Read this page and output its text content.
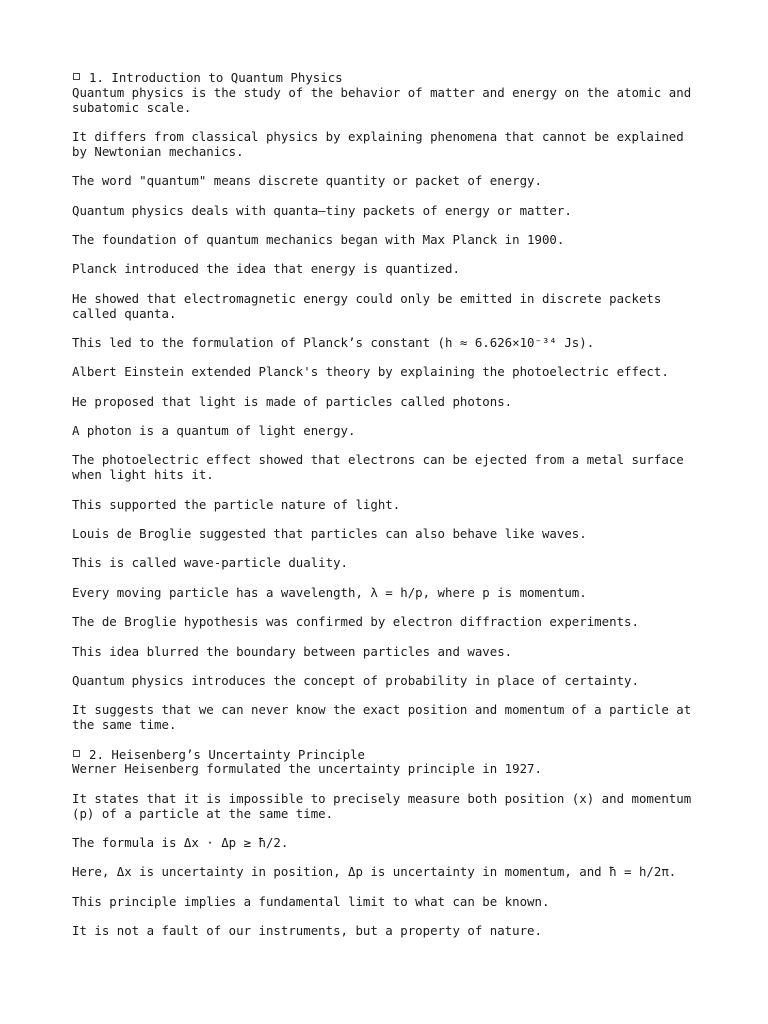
1. Introduction to Quantum Physics

Quantum physics is the study of the behavior of matter and energy on the atomic and subatomic scale.

It differs from classical physics by explaining phenomena that cannot be explained by Newtonian mechanics.

The word "quantum" means discrete quantity or packet of energy.

Quantum physics deals with quanta—tiny packets of energy or matter.

The foundation of quantum mechanics began with Max Planck in 1900.

Planck introduced the idea that energy is quantized.

He showed that electromagnetic energy could only be emitted in discrete packets called quanta.

This led to the formulation of Planck’s constant (h ≈ 6.626×10⁻³⁴ Js).

Albert Einstein extended Planck's theory by explaining the photoelectric effect.

He proposed that light is made of particles called photons.

A photon is a quantum of light energy.

The photoelectric effect showed that electrons can be ejected from a metal surface when light hits it.

This supported the particle nature of light.

Louis de Broglie suggested that particles can also behave like waves.

This is called wave-particle duality.

Every moving particle has a wavelength, λ = h/p, where p is momentum.

The de Broglie hypothesis was confirmed by electron diffraction experiments.

This idea blurred the boundary between particles and waves.

Quantum physics introduces the concept of probability in place of certainty.

It suggests that we can never know the exact position and momentum of a particle at the same time.

2. Heisenberg’s Uncertainty Principle

Werner Heisenberg formulated the uncertainty principle in 1927.

It states that it is impossible to precisely measure both position (x) and momentum (p) of a particle at the same time.

The formula is Δx · Δp ≥ ħ/2.

Here, Δx is uncertainty in position, Δp is uncertainty in momentum, and ħ = h/2π.

This principle implies a fundamental limit to what can be known.

It is not a fault of our instruments, but a property of nature.
